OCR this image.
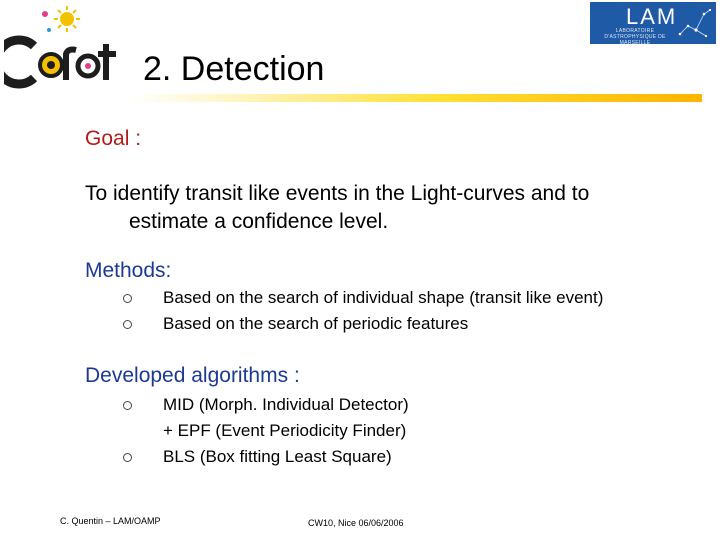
LAM
LABORATOIRE D'ASTROPHYSIQUE DE MARSEILLE
2. Detection
Goal :
To identify transit like events in the Light-curves and to
estimate a confidence level.
Methods:
Based on the search of individual shape (transit like event)
Based on the search of periodic features
Developed algorithms :
MID (Morph. Individual Detector)
+ EPF (Event Periodicity Finder)
BLS (Box fitting Least Square)
C. Quentin – LAM/OAMP	CW10, Nice 06/06/2006
